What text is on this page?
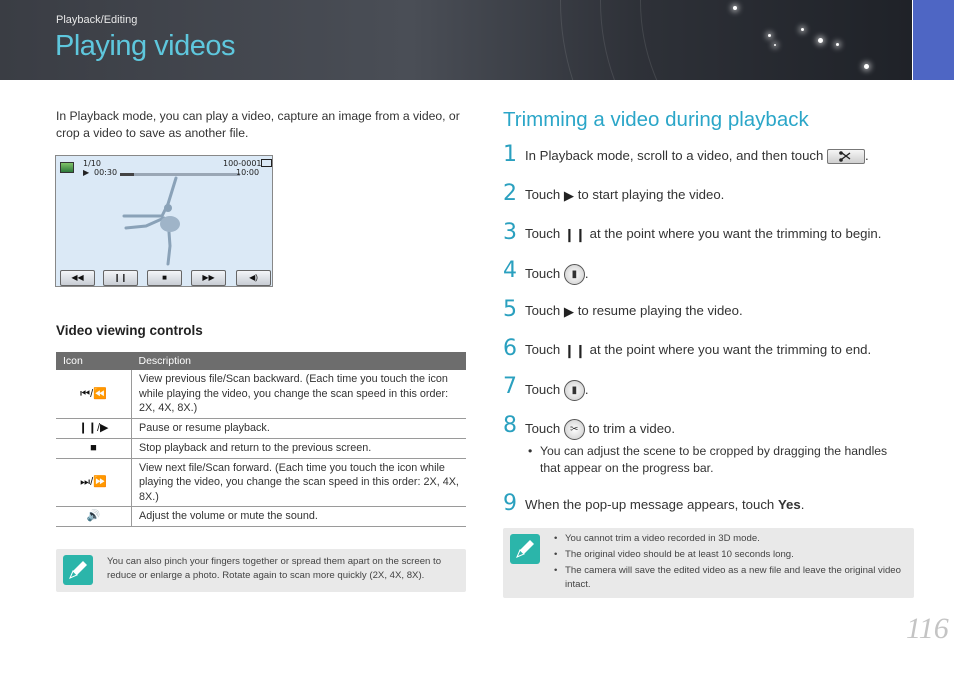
Playback/Editing
Playing videos
In Playback mode, you can play a video, capture an image from a video, or crop a video to save as another file.
1/10	100-0001
▶ 00:30	10:00
◀◀	❙❙	■	▶▶	◀)
Video viewing controls
Icon	Description
⏮/⏪	View previous file/Scan backward. (Each time you touch the icon while playing the video, you change the scan speed in this order: 2X, 4X, 8X.)
❙❙/▶	Pause or resume playback.
■	Stop playback and return to the previous screen.
⏭/⏩	View next file/Scan forward. (Each time you touch the icon while playing the video, you change the scan speed in this order: 2X, 4X, 8X.)
🔊	Adjust the volume or mute the sound.
You can also pinch your fingers together or spread them apart on the screen to reduce or enlarge a photo. Rotate again to scan more quickly (2X, 4X, 8X).
Trimming a video during playback
1 In Playback mode, scroll to a video, and then touch	.
2 Touch ▶ to start playing the video.
3 Touch ❙❙ at the point where you want the trimming to begin.
4 Touch ▮ .
5 Touch ▶ to resume playing the video.
6 Touch ❙❙ at the point where you want the trimming to end.
7 Touch ▮ .
8 Touch ✂ to trim a video.
• You can adjust the scene to be cropped by dragging the handles that appear on the progress bar.
9 When the pop-up message appears, touch Yes.
• You cannot trim a video recorded in 3D mode.
• The original video should be at least 10 seconds long.
• The camera will save the edited video as a new file and leave the original video intact.
116
